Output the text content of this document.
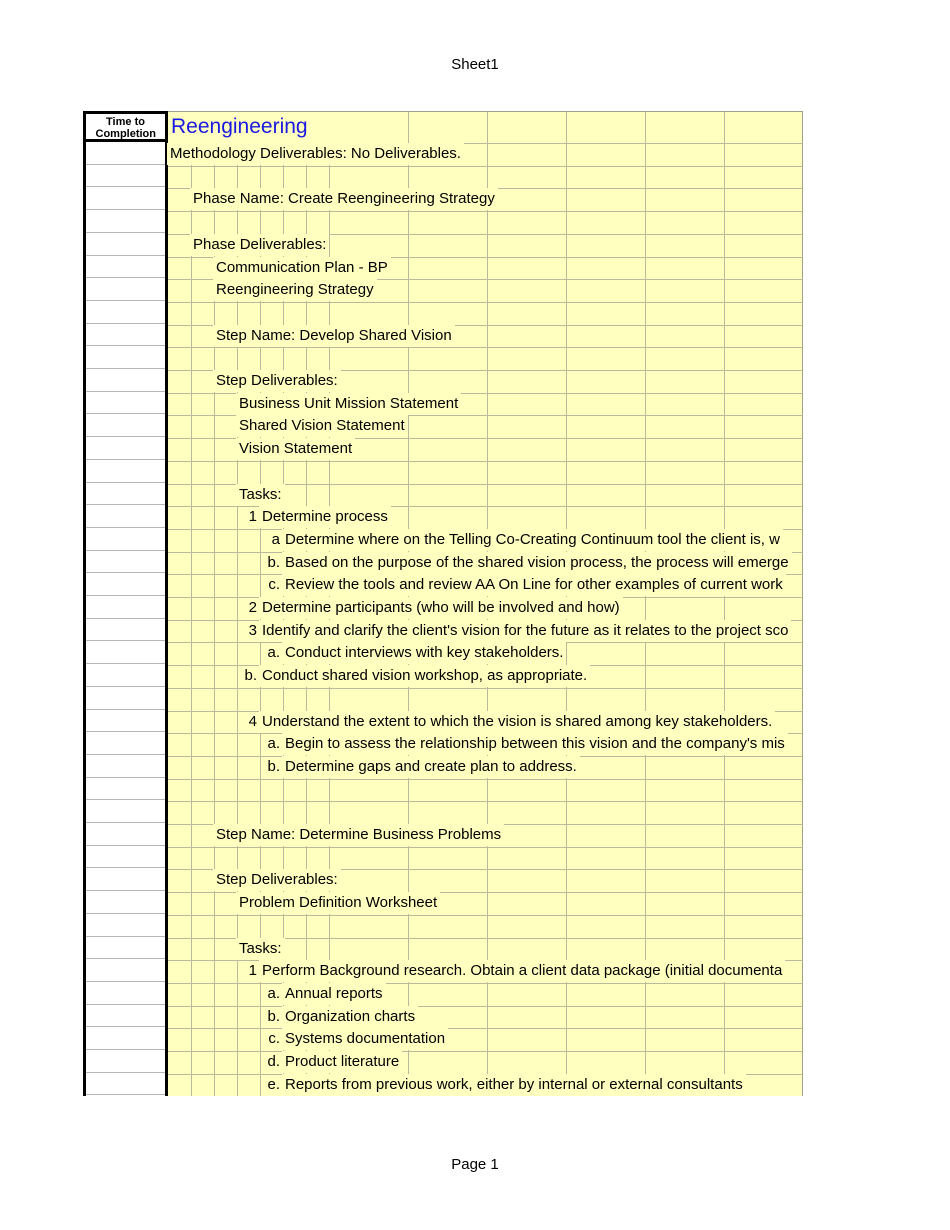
Sheet1
Time to Completion Reengineering
Methodology Deliverables: No Deliverables.
Phase Name: Create Reengineering Strategy
Phase Deliverables:
Communication Plan - BP
Reengineering Strategy
Step Name: Develop Shared Vision
Step Deliverables:
Business Unit Mission Statement
Shared Vision Statement
Vision Statement
Tasks:
1 Determine process
a Determine where on the Telling Co-Creating Continuum tool the client is, w
b. Based on the purpose of the shared vision process, the process will emerge
c. Review the tools and review AA On Line for other examples of current work
2 Determine participants (who will be involved and how)
3 Identify and clarify the client's vision for the future as it relates to the project sco
a. Conduct interviews with key stakeholders.
b. Conduct shared vision workshop, as appropriate.
4 Understand the extent to which the vision is shared among key stakeholders.
a. Begin to assess the relationship between this vision and the company's mis
b. Determine gaps and create plan to address.
Step Name: Determine Business Problems
Step Deliverables:
Problem Definition Worksheet
Tasks:
1 Perform Background research. Obtain a client data package (initial documenta
a. Annual reports
b. Organization charts
c. Systems documentation
d. Product literature
e. Reports from previous work, either by internal or external consultants
Page 1
